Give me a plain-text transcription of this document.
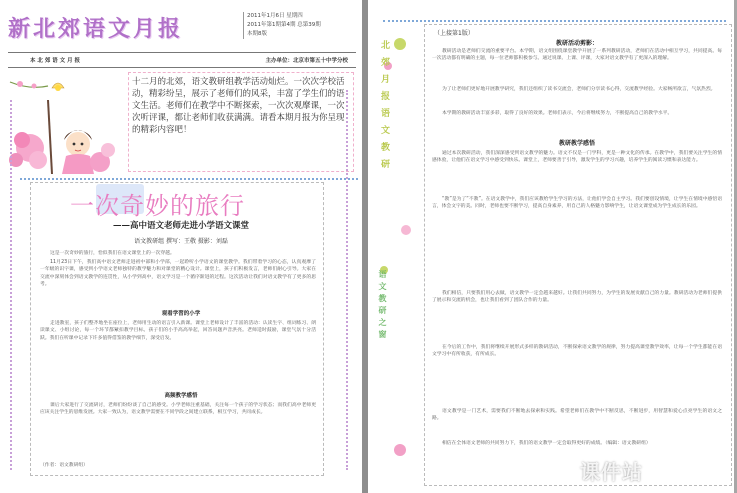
新北郊语文月报	2011年1月6日 星期四
2011年第1期第4期 总第39期
本期8版
本 北 郊 语 文 月 报	主办单位：北京市第五十中学分校
十二月的北郊，语文教研组教学活动灿烂。一次次学校活动，精彩纷呈，展示了老师们的风采，丰富了学生们的语文生活。老师们在教学中不断探索，一次次观摩课，一次次听评课，都让老师们收获满满。请看本期月报为你呈现的精彩内容吧！
一次奇妙的旅行
——高中语文老师走进小学语文课堂
语文教研组 撰写：王敬 摄影：刘磊

这是一次奇妙的旅行，恰似我们在语文课堂上的一次穿越。

11月23日下午，我们高中语文老师走进初中部和小学部，一起聆听小学语文的课堂教学。我们带着学习的心态，认真观摩了一年级的识字课，感受到小学语文老师独特的教学魅力和对课堂的精心设计。课堂上，孩子们积极发言，老师们耐心引导。大家在交流中深刻体会到语文教学的连贯性，从小学到高中，语文学习是一个循序渐进的过程。这次活动让我们对语文教学有了更多的思考。

观看学習的小学

走进教室，孩子们整齐地坐在座位上，老师用生动的语言引入新课。课堂上老师设计了丰富的活动：认读生字、组词练习、朗读课文、小组讨论，每一个环节都紧扣教学目标。孩子们的小手高高举起，回答问题声音洪亮。老师适时鼓励，课堂气氛十分活跃。我们在听课中记录下许多值得借鉴的教学细节，深受启发。

高频教学感悟

课后大家进行了交流研讨，老师们纷纷谈了自己的感受。小学老师注重基础，关注每一个孩子的学习状态；而我们高中老师更应该关注学生的思维发展。大家一致认为，语文教学需要在不同学段之间建立联系，相互学习，共同成长。

（作者：语文教研组）
北郊月报语文教研
语文教研之窗
（上接第1版）
教研活动剪影：

教研活动是老师们交流的重要平台。本学期，语文组围绕课堂教学开展了一系列教研活动，老师们在活动中相互学习，共同提高。每一次活动都有明确的主题，每一位老师都积极参与。通过说课、上课、评课，大家对语文教学有了更深入的理解。

为了让老师们更好地开展教学研究，我们还组织了读书交流会，老师们分享读书心得，交流教学经验。大家畅所欲言，气氛热烈。

本学期的教研活动丰富多彩，取得了良好的效果。老师们表示，今后将继续努力，不断提高自己的教学水平。

教研教学感悟

通过本次教研活动，我们深深感受到语文教学的魅力。语文不仅是一门学科，更是一种文化的传承。在教学中，我们要关注学生的情感体验，让他们在语文学习中感受到快乐。课堂上，老师要善于引导，激发学生的学习兴趣，培养学生的阅读习惯和表达能力。

“教”是为了“不教”。在语文教学中，我们应该教给学生学习的方法，让他们学会自主学习。我们要创设情境，让学生在情境中感悟语言，体会文字的美。同时，老师也要不断学习，提高自身素养，用自己的人格魅力影响学生，让语文课堂成为学生成长的乐园。

我们相信，只要我们用心去做，语文教学一定会越来越好。让我们共同努力，为学生的发展贡献自己的力量。教研活动为老师们提供了展示和交流的机会，也让我们看到了团队合作的力量。

在今后的工作中，我们将继续开展形式多样的教研活动，不断探索语文教学的规律，努力提高课堂教学效率，让每一个学生都能在语文学习中有所收获，有所成长。

语文教学是一门艺术，需要我们不断地去探索和实践。希望老师们在教学中不断反思，不断进步，用智慧和爱心点亮学生的语文之路。

相信在全体语文老师的共同努力下，我们的语文教学一定会取得更好的成绩。（编辑：语文教研组）

课件站
